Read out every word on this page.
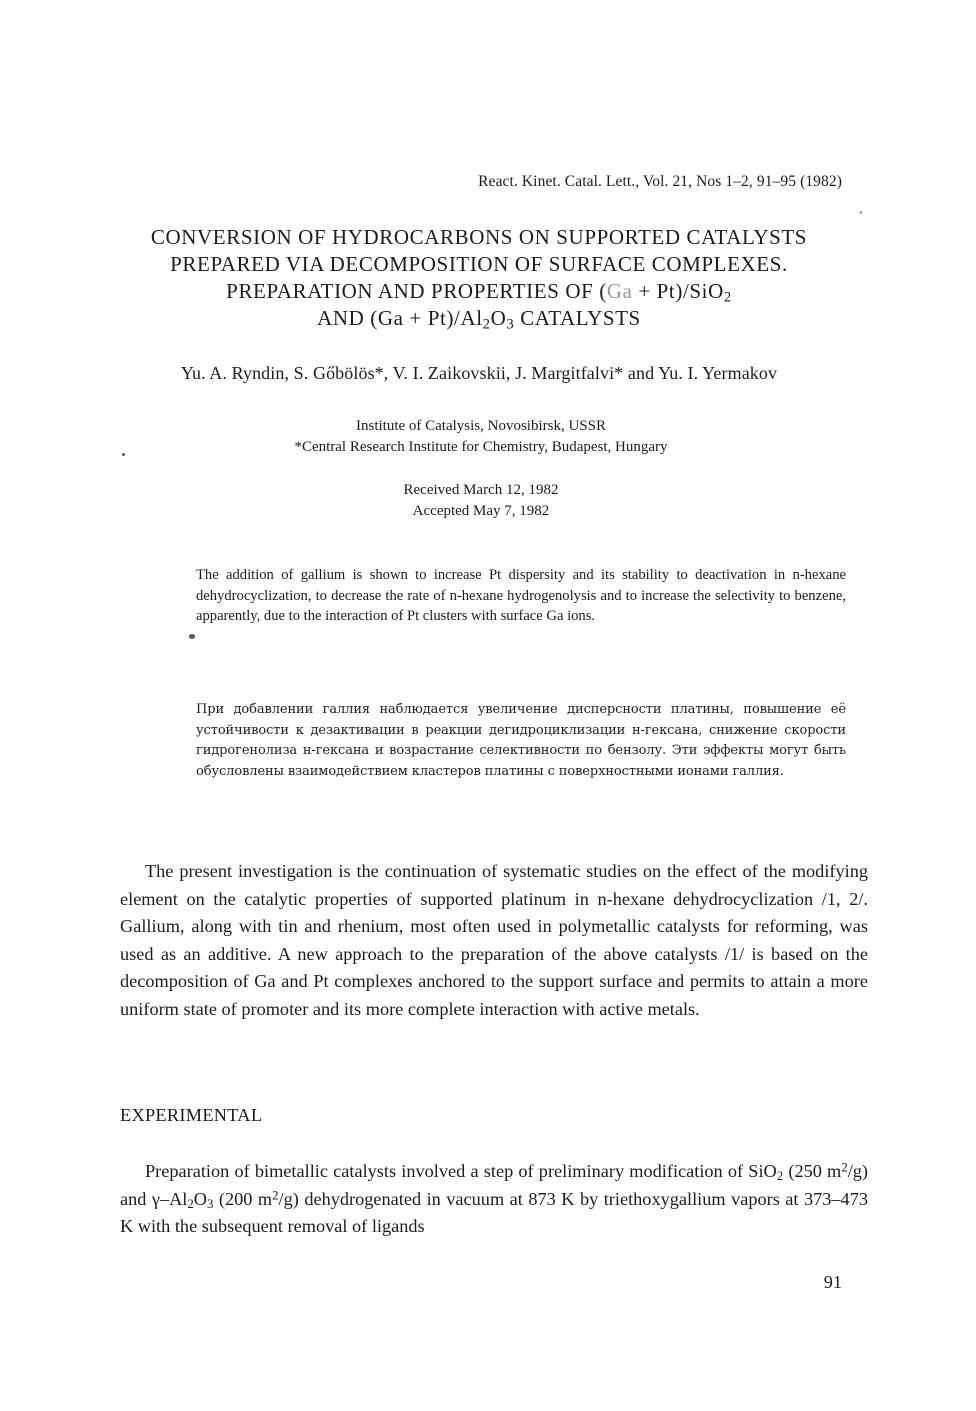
React. Kinet. Catal. Lett., Vol. 21, Nos 1–2, 91–95 (1982)
CONVERSION OF HYDROCARBONS ON SUPPORTED CATALYSTS
PREPARED VIA DECOMPOSITION OF SURFACE COMPLEXES.
PREPARATION AND PROPERTIES OF (Ga + Pt)/SiO$_2$
AND $(Ga + Pt)/Al_2O_3$ CATALYSTS
Yu. A. Ryndin, S. Gőbölös*, V. I. Zaikovskii, J. Margitfalvi* and Yu. I. Yermakov
Institute of Catalysis, Novosibirsk, USSR
*Central Research Institute for Chemistry, Budapest, Hungary
Received March 12, 1982
Accepted May 7, 1982
The addition of gallium is shown to increase Pt dispersity and its stability to deactivation in n-hexane dehydrocyclization, to decrease the rate of n-hexane hydrogenolysis and to increase the selectivity to benzene, apparently, due to the interaction of Pt clusters with surface Ga ions.
При добавлении галлия наблюдается увеличение дисперсности платины, повышение её устойчивости к дезактивации в реакции дегидроциклизации н-гексана, снижение скорости гидрогенолиза н-гексана и возрастание селективности по бензолу. Эти эффекты могут быть обусловлены взаимодействием кластеров платины с поверхностными ионами галлия.
The present investigation is the continuation of systematic studies on the effect of the modifying element on the catalytic properties of supported platinum in n-hexane dehydrocyclization /1, 2/. Gallium, along with tin and rhenium, most often used in polymetallic catalysts for reforming, was used as an additive. A new approach to the preparation of the above catalysts /1/ is based on the decomposition of Ga and Pt complexes anchored to the support surface and permits to attain a more uniform state of promoter and its more complete interaction with active metals.
EXPERIMENTAL
Preparation of bimetallic catalysts involved a step of preliminary modification of SiO$_2$ (250 $m^2/g$) and $\gamma-Al_2O_3$ (200 $m^2/g$) dehydrogenated in vacuum at 873 K by triethoxygallium vapors at 373–473 K with the subsequent removal of ligands
91
